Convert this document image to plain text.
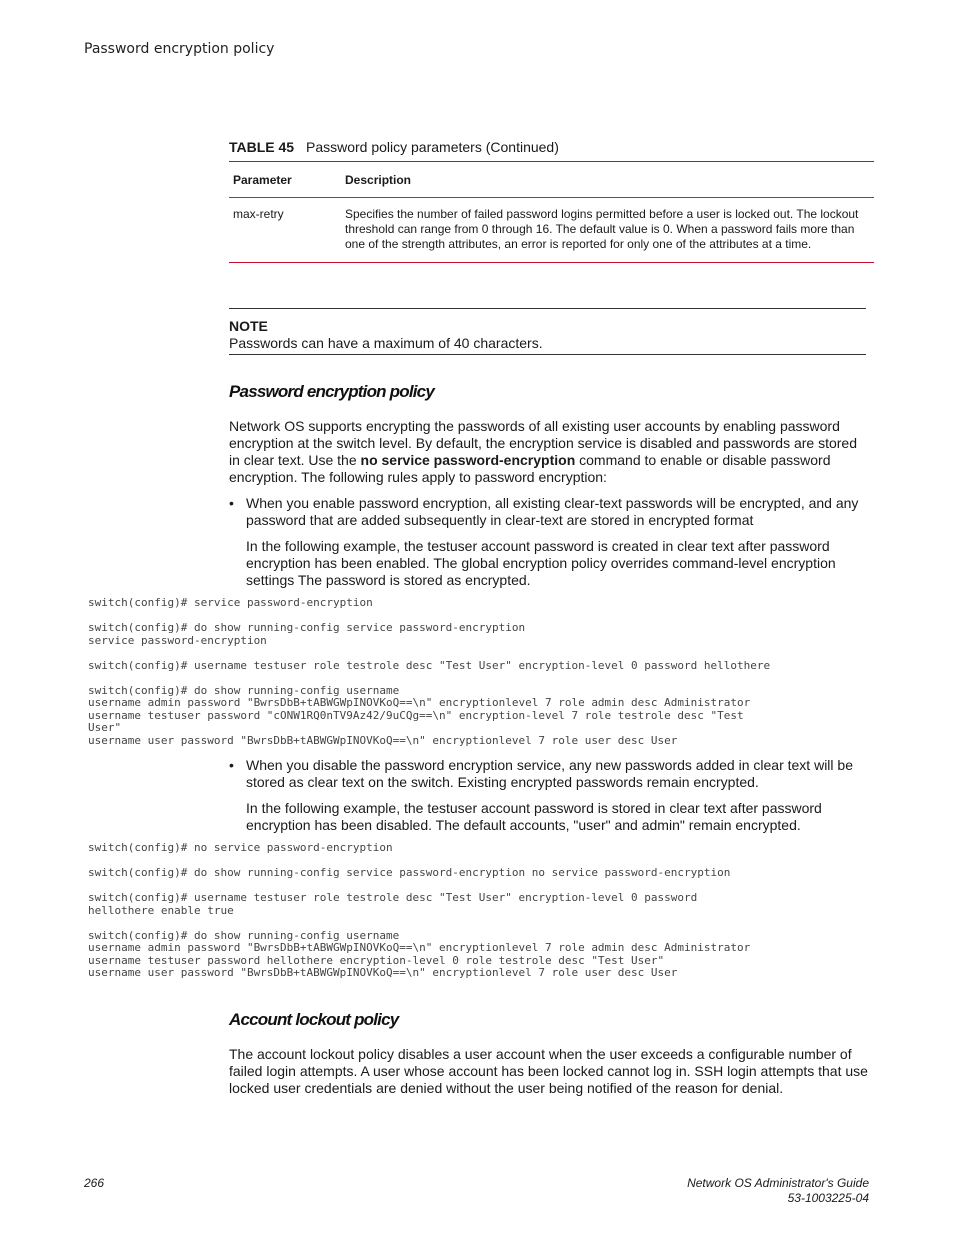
Password encryption policy
TABLE 45 Password policy parameters (Continued)
Parameter	Description
max-retry	Specifies the number of failed password logins permitted before a user is locked out. The lockout threshold can range from 0 through 16. The default value is 0. When a password fails more than one of the strength attributes, an error is reported for only one of the attributes at a time.
NOTE
Passwords can have a maximum of 40 characters.
Password encryption policy
Network OS supports encrypting the passwords of all existing user accounts by enabling password encryption at the switch level. By default, the encryption service is disabled and passwords are stored in clear text. Use the no service password-encryption command to enable or disable password encryption. The following rules apply to password encryption:
• When you enable password encryption, all existing clear-text passwords will be encrypted, and any password that are added subsequently in clear-text are stored in encrypted format
In the following example, the testuser account password is created in clear text after password encryption has been enabled. The global encryption policy overrides command-level encryption settings The password is stored as encrypted.
switch(config)# service password-encryption
switch(config)# do show running-config service password-encryption
service password-encryption
switch(config)# username testuser role testrole desc "Test User" encryption-level 0 password hellothere
switch(config)# do show running-config username
username admin password "BwrsDbB+tABWGWpINOVKoQ==\n" encryptionlevel 7 role admin desc Administrator
username testuser password "cONW1RQ0nTV9Az42/9uCQg==\n" encryption-level 7 role testrole desc "Test
User"
username user password "BwrsDbB+tABWGWpINOVKoQ==\n" encryptionlevel 7 role user desc User
• When you disable the password encryption service, any new passwords added in clear text will be stored as clear text on the switch. Existing encrypted passwords remain encrypted.
In the following example, the testuser account password is stored in clear text after password encryption has been disabled. The default accounts, "user" and admin" remain encrypted.
switch(config)# no service password-encryption
switch(config)# do show running-config service password-encryption no service password-encryption
switch(config)# username testuser role testrole desc "Test User" encryption-level 0 password
hellothere enable true
switch(config)# do show running-config username
username admin password "BwrsDbB+tABWGWpINOVKoQ==\n" encryptionlevel 7 role admin desc Administrator
username testuser password hellothere encryption-level 0 role testrole desc "Test User"
username user password "BwrsDbB+tABWGWpINOVKoQ==\n" encryptionlevel 7 role user desc User
Account lockout policy
The account lockout policy disables a user account when the user exceeds a configurable number of failed login attempts. A user whose account has been locked cannot log in. SSH login attempts that use locked user credentials are denied without the user being notified of the reason for denial.
266	Network OS Administrator's Guide
53-1003225-04
